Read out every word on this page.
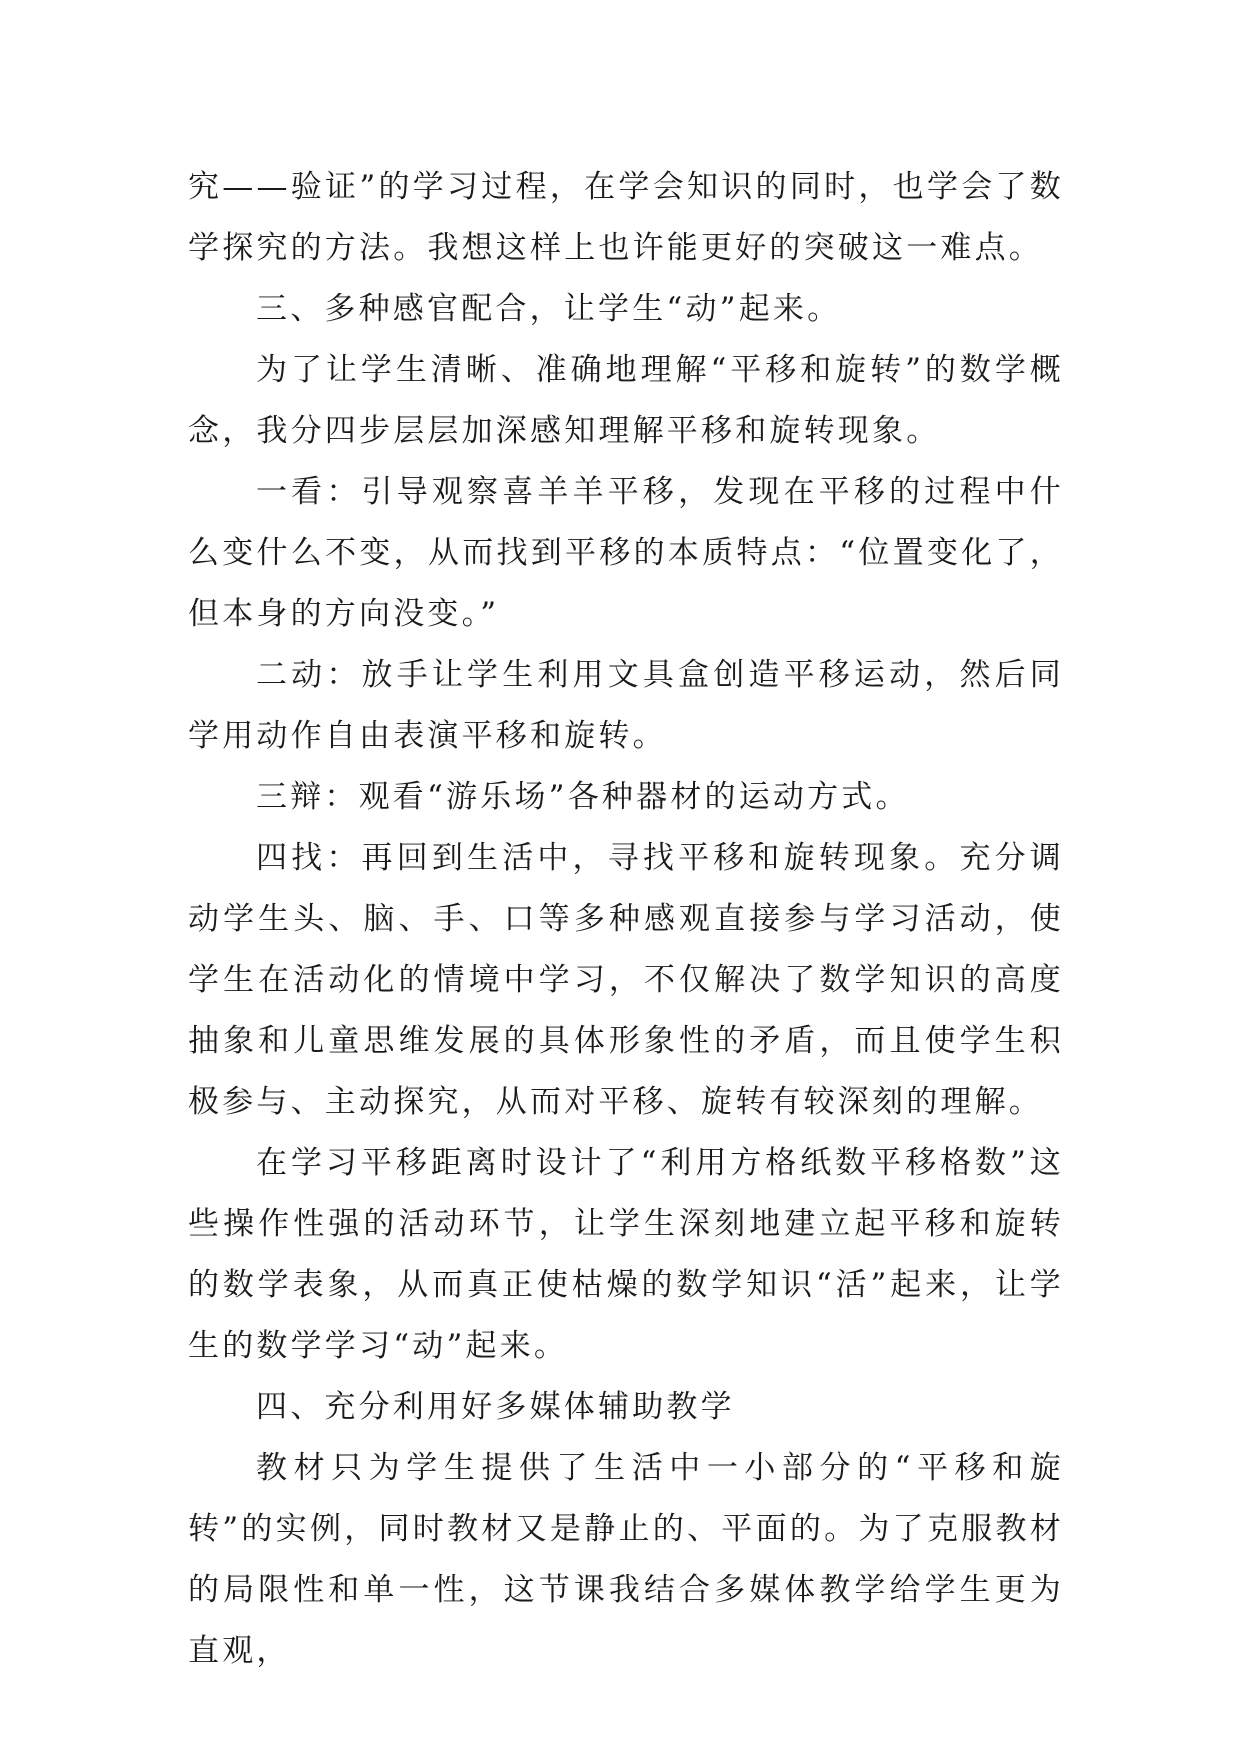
究——验证”的学习过程，在学会知识的同时，也学会了数学探究的方法。我想这样上也许能更好的突破这一难点。

三、多种感官配合，让学生“动”起来。

为了让学生清晰、准确地理解“平移和旋转”的数学概念，我分四步层层加深感知理解平移和旋转现象。

一看：引导观察喜羊羊平移，发现在平移的过程中什么变什么不变，从而找到平移的本质特点：“位置变化了，但本身的方向没变。”

二动：放手让学生利用文具盒创造平移运动，然后同学用动作自由表演平移和旋转。

三辩：观看“游乐场”各种器材的运动方式。

四找：再回到生活中，寻找平移和旋转现象。充分调动学生头、脑、手、口等多种感观直接参与学习活动，使学生在活动化的情境中学习，不仅解决了数学知识的高度抽象和儿童思维发展的具体形象性的矛盾，而且使学生积极参与、主动探究，从而对平移、旋转有较深刻的理解。

在学习平移距离时设计了“利用方格纸数平移格数”这些操作性强的活动环节，让学生深刻地建立起平移和旋转的数学表象，从而真正使枯燥的数学知识“活”起来，让学生的数学学习“动”起来。

四、充分利用好多媒体辅助教学

教材只为学生提供了生活中一小部分的“平移和旋转”的实例，同时教材又是静止的、平面的。为了克服教材的局限性和单一性，这节课我结合多媒体教学给学生更为直观，
